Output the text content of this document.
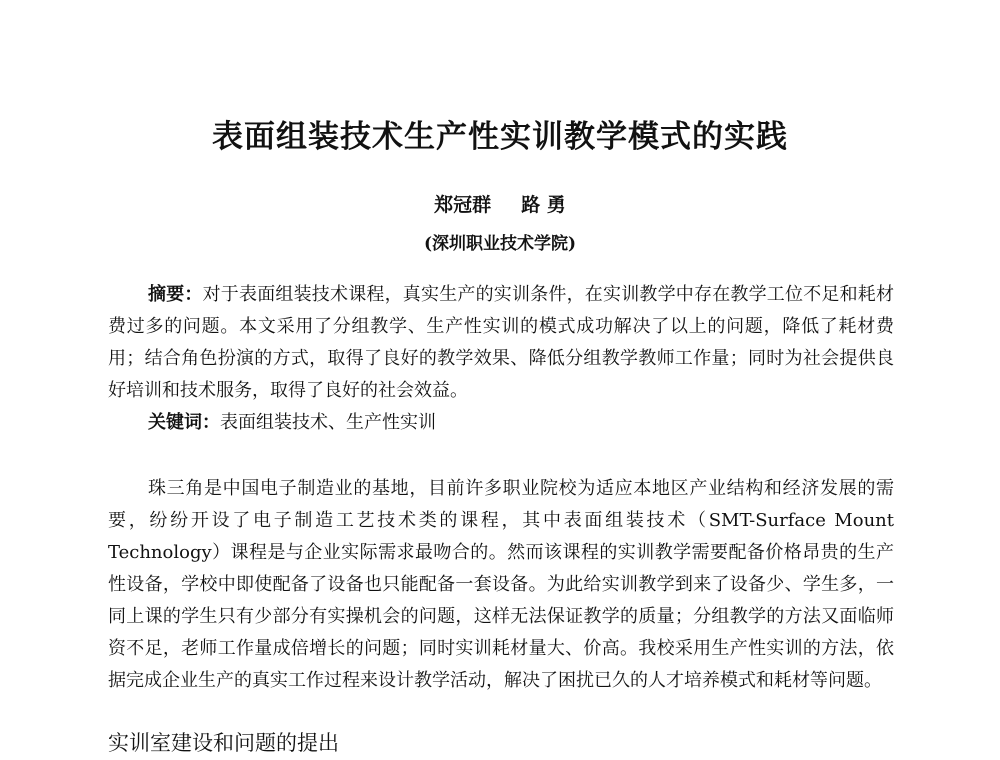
表面组装技术生产性实训教学模式的实践
郑冠群 路 勇
(深圳职业技术学院)

摘要：对于表面组装技术课程，真实生产的实训条件，在实训教学中存在教学工位不足和耗材费过多的问题。本文采用了分组教学、生产性实训的模式成功解决了以上的问题，降低了耗材费用；结合角色扮演的方式，取得了良好的教学效果、降低分组教学教师工作量；同时为社会提供良好培训和技术服务，取得了良好的社会效益。

关键词：表面组装技术、生产性实训

珠三角是中国电子制造业的基地，目前许多职业院校为适应本地区产业结构和经济发展的需要，纷纷开设了电子制造工艺技术类的课程，其中表面组装技术（SMT-Surface Mount Technology）课程是与企业实际需求最吻合的。然而该课程的实训教学需要配备价格昂贵的生产性设备，学校中即使配备了设备也只能配备一套设备。为此给实训教学到来了设备少、学生多，一同上课的学生只有少部分有实操机会的问题，这样无法保证教学的质量；分组教学的方法又面临师资不足，老师工作量成倍增长的问题；同时实训耗材量大、价高。我校采用生产性实训的方法，依据完成企业生产的真实工作过程来设计教学活动，解决了困扰已久的人才培养模式和耗材等问题。

实训室建设和问题的提出
